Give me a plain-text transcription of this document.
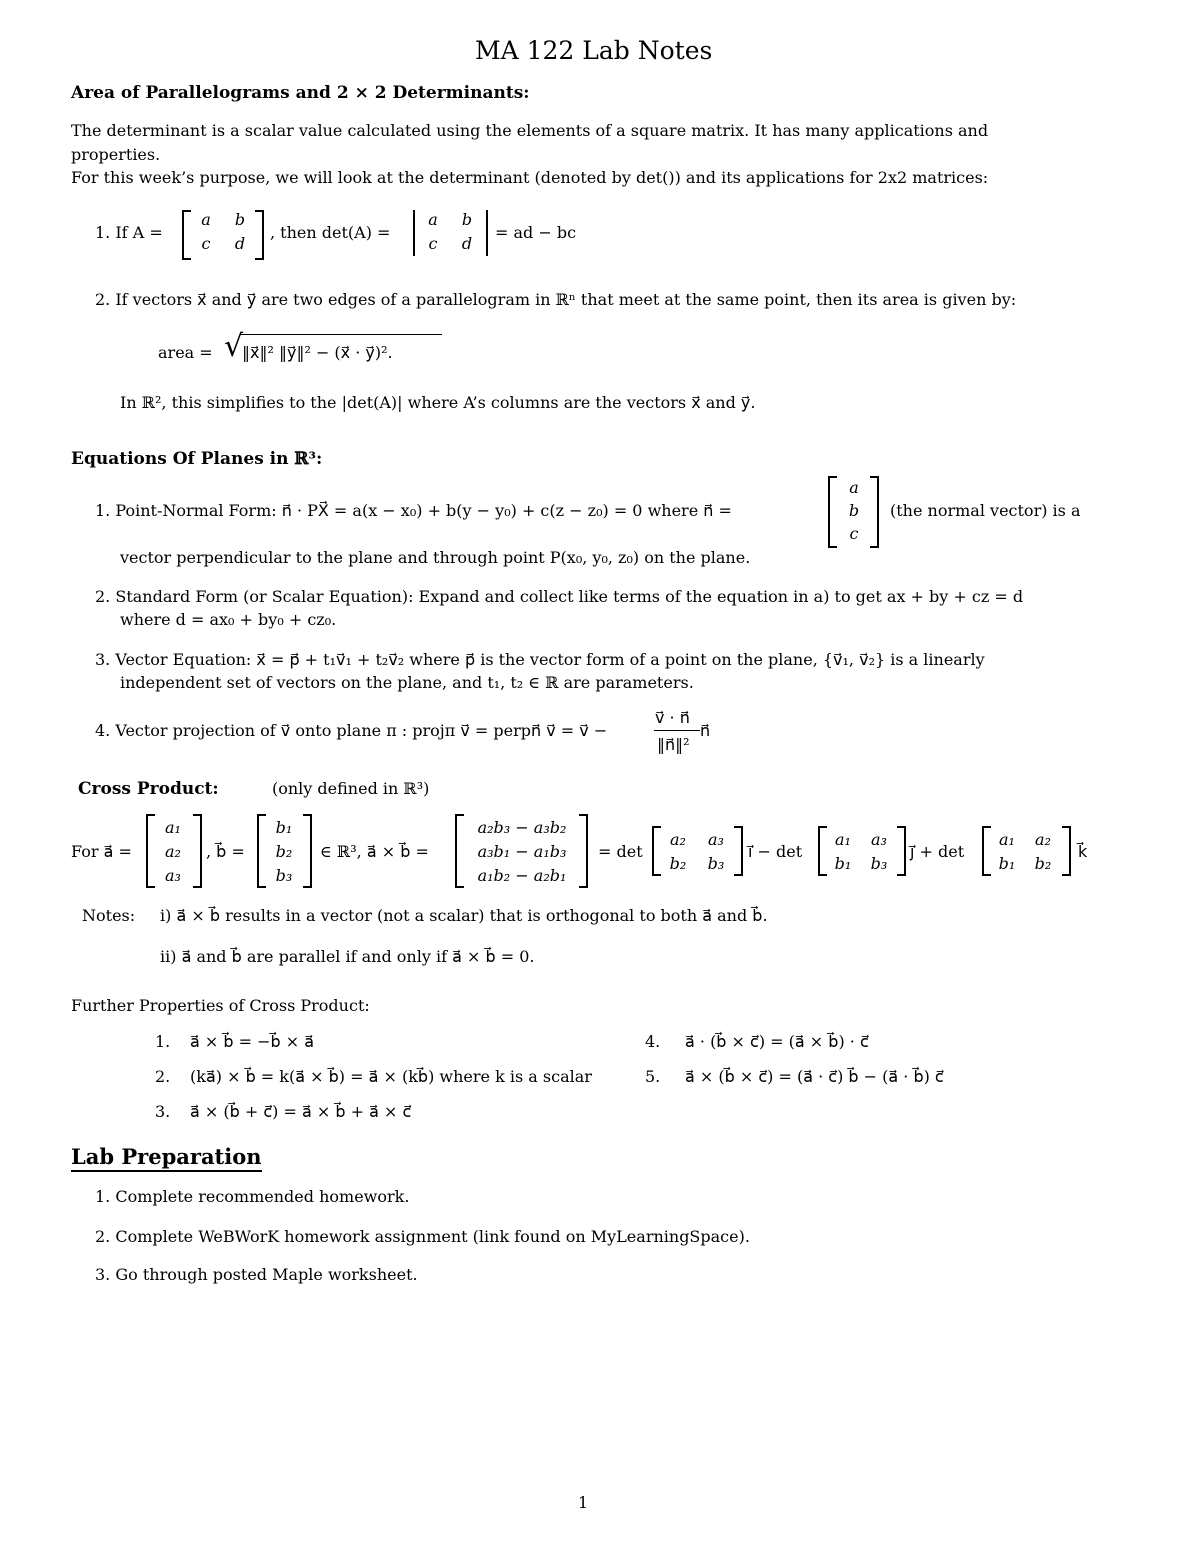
MA 122 Lab Notes
Area of Parallelograms and 2 × 2 Determinants:
The determinant is a scalar value calculated using the elements of a square matrix. It has many applications and
properties.
For this week’s purpose, we will look at the determinant (denoted by det()) and its applications for 2x2 matrices:
1. If A =
a	b
c	d
, then det(A) =
a	b
c	d
= ad − bc
2. If vectors x⃗ and y⃗ are two edges of a parallelogram in ℝⁿ that meet at the same point, then its area is given by:
area = √
‖x⃗‖² ‖y⃗‖² − (x⃗ · y⃗)².
In ℝ², this simplifies to the |det(A)| where A’s columns are the vectors x⃗ and y⃗.
Equations Of Planes in ℝ³:
1. Point-Normal Form: n⃗ · PX⃗ = a(x − x₀) + b(y − y₀) + c(z − z₀) = 0 where n⃗ =
a
b
c
(the normal vector) is a
vector perpendicular to the plane and through point P(x₀, y₀, z₀) on the plane.
2. Standard Form (or Scalar Equation): Expand and collect like terms of the equation in a) to get ax + by + cz = d
where d = ax₀ + by₀ + cz₀.
3. Vector Equation: x⃗ = p⃗ + t₁v⃗₁ + t₂v⃗₂ where p⃗ is the vector form of a point on the plane, {v⃗₁, v⃗₂} is a linearly
independent set of vectors on the plane, and t₁, t₂ ∈ ℝ are parameters.
4. Vector projection of v⃗ onto plane π : projπ v⃗ = perpn⃗ v⃗ = v⃗ −
v⃗ · n⃗
‖n⃗‖²
n⃗
Cross Product:	(only defined in ℝ³)
For a⃗ =
a₁
a₂
a₃
, b⃗ =
b₁
b₂
b₃
∈ ℝ³, a⃗ × b⃗ =
a₂b₃ − a₃b₂
a₃b₁ − a₁b₃
a₁b₂ − a₂b₁
= det
a₂	a₃
b₂ b₃
i⃗ − det
a₁	a₃
b₁ b₃
j⃗ + det
a₁	a₂
b₁ b₂
k⃗
Notes: i) a⃗ × b⃗ results in a vector (not a scalar) that is orthogonal to both a⃗ and b⃗.
ii) a⃗ and b⃗ are parallel if and only if a⃗ × b⃗ = 0.
Further Properties of Cross Product:
1. a⃗ × b⃗ = −b⃗ × a⃗
2. (ka⃗) × b⃗ = k(a⃗ × b⃗) = a⃗ × (kb⃗) where k is a scalar
3. a⃗ × (b⃗ + c⃗) = a⃗ × b⃗ + a⃗ × c⃗
4. a⃗ · (b⃗ × c⃗) = (a⃗ × b⃗) · c⃗
5. a⃗ × (b⃗ × c⃗) = (a⃗ · c⃗) b⃗ − (a⃗ · b⃗) c⃗
Lab Preparation
1. Complete recommended homework.
2. Complete WeBWorK homework assignment (link found on MyLearningSpace).
3. Go through posted Maple worksheet.
1
